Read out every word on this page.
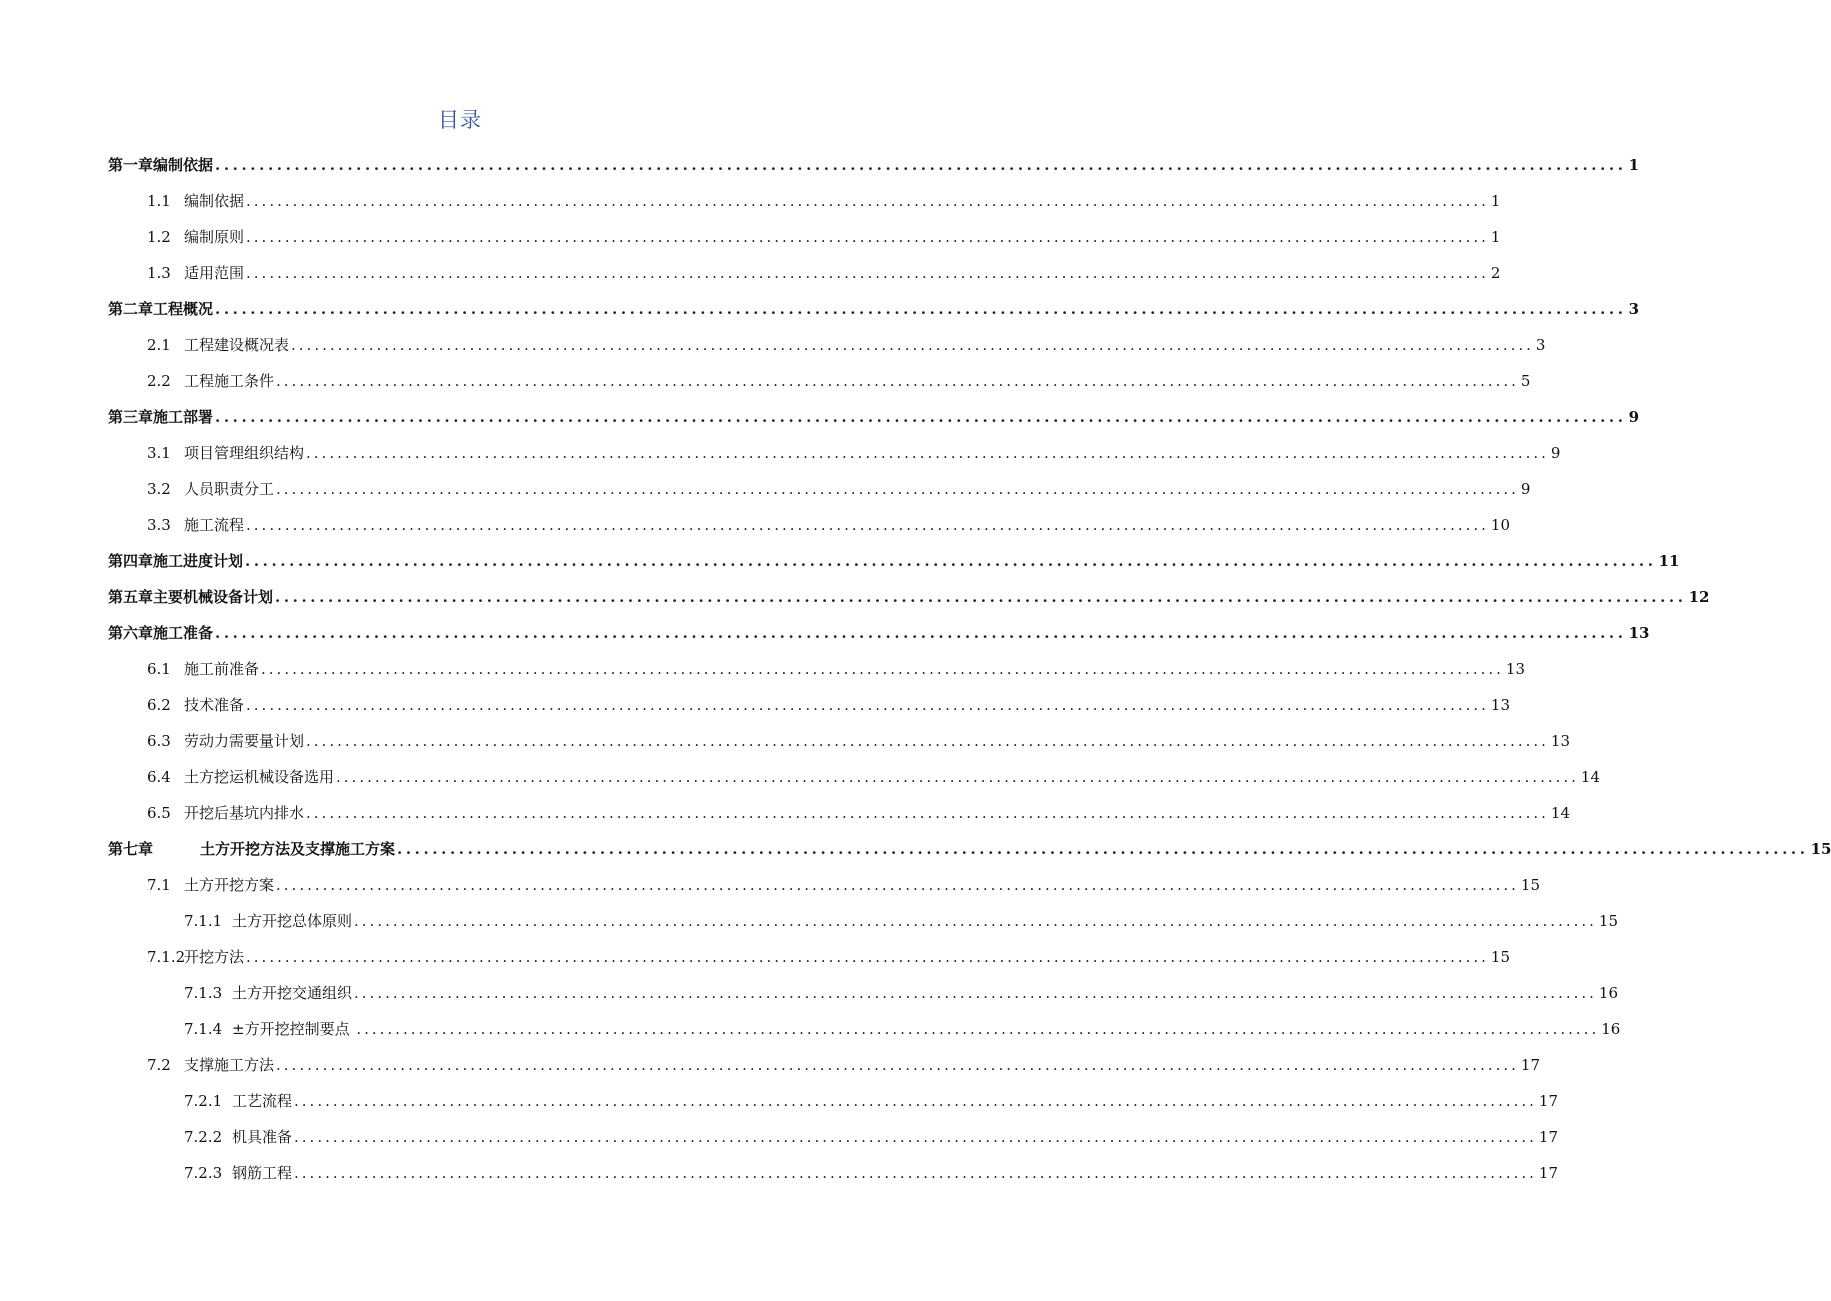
目录
第一章编制依据 ................................................................................................................................................................ 1
1.1 编制依据 ................................................................................................................................................................ 1
1.2 编制原则 ................................................................................................................................................................ 1
1.3 适用范围 ................................................................................................................................................................ 2
第二章工程概况 ................................................................................................................................................................ 3
2.1 工程建设概况表 ................................................................................................................................................................ 3
2.2 工程施工条件 ................................................................................................................................................................ 5
第三章施工部署 ................................................................................................................................................................ 9
3.1 项目管理组织结构 ................................................................................................................................................................ 9
3.2 人员职责分工 ................................................................................................................................................................ 9
3.3 施工流程 ................................................................................................................................................................ 10
第四章施工进度计划 ................................................................................................................................................................ 11
第五章主要机械设备计划 ................................................................................................................................................................ 12
第六章施工准备 ................................................................................................................................................................ 13
6.1 施工前准备 ................................................................................................................................................................ 13
6.2 技术准备 ................................................................................................................................................................ 13
6.3 劳动力需要量计划 ................................................................................................................................................................ 13
6.4 土方挖运机械设备选用 ................................................................................................................................................................ 14
6.5 开挖后基坑内排水 ................................................................................................................................................................ 14
第七章         土方开挖方法及支撑施工方案 ................................................................................................................................................................ 15
7.1 土方开挖方案 ................................................................................................................................................................ 15
7.1.1 土方开挖总体原则 ................................................................................................................................................................ 15
7.1.2开挖方法 ................................................................................................................................................................ 15
7.1.3 土方开挖交通组织 ................................................................................................................................................................ 16
7.1.4 ±方开挖控制要点 ................................................................................................................................................................ 16
7.2 支撑施工方法 ................................................................................................................................................................ 17
7.2.1 工艺流程 ................................................................................................................................................................ 17
7.2.2 机具准备 ................................................................................................................................................................ 17
7.2.3 钢筋工程 ................................................................................................................................................................ 17
